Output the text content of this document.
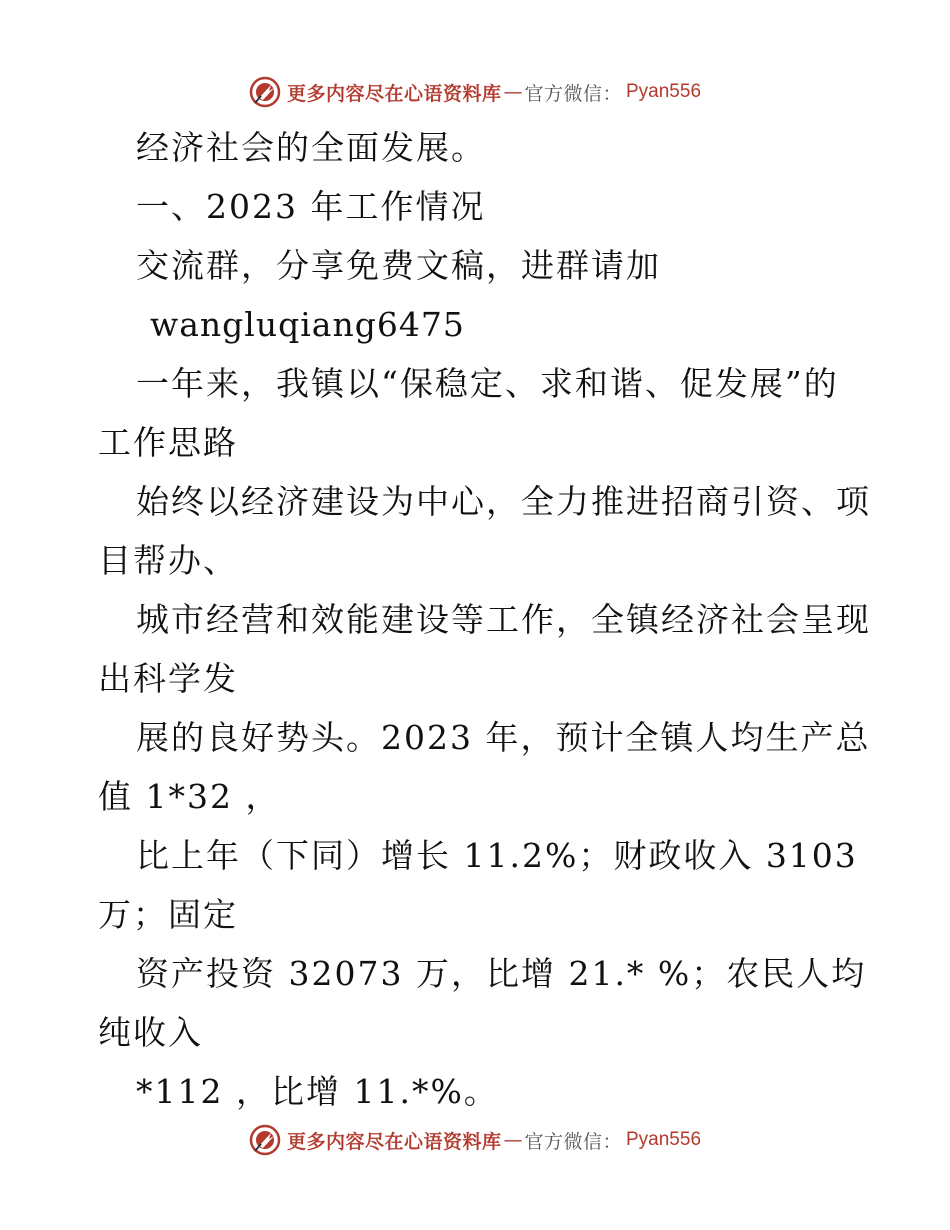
更多内容尽在心语资料库 — 官方微信： Pyan556
经济社会的全面发展。
一、2023 年工作情况
交流群，分享免费文稿，进群请加
wangluqiang6475
一年来，我镇以“保稳定、求和谐、促发展”的
工作思路
始终以经济建设为中心，全力推进招商引资、项
目帮办、
城市经营和效能建设等工作，全镇经济社会呈现
出科学发
展的良好势头。2023 年，预计全镇人均生产总
值 1*32 ，
比上年（下同）增长 11.2%；财政收入 3103
万；固定
资产投资 32073 万，比增 21.* %；农民人均
纯收入
*112 ，比增 11.*%。
更多内容尽在心语资料库 — 官方微信： Pyan556
